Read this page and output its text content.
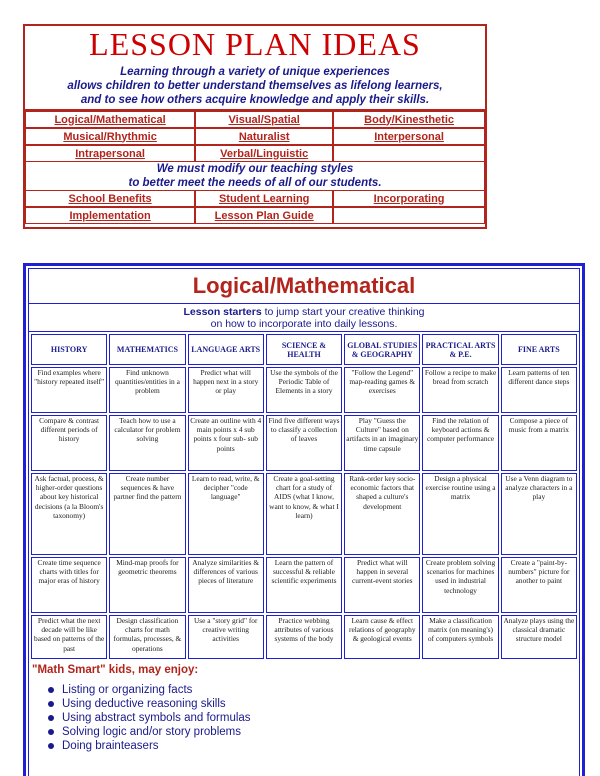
LESSON PLAN IDEAS
Learning through a variety of unique experiences
allows children to better understand themselves as lifelong learners,
and to see how others acquire knowledge and apply their skills.
Logical/Mathematical	Visual/Spatial	Body/Kinesthetic
Musical/Rhythmic	Naturalist	Interpersonal
Intrapersonal	Verbal/Linguistic	
We must modify our teaching styles
to better meet the needs of all of our students.
School Benefits	Student Learning	Incorporating
Implementation	Lesson Plan Guide	
Logical/Mathematical
Lesson starters to jump start your creative thinking
on how to incorporate into daily lessons.
HISTORY	MATHEMATICS	LANGUAGE ARTS	SCIENCE & HEALTH	GLOBAL STUDIES & GEOGRAPHY	PRACTICAL ARTS & P.E.	FINE ARTS
Find examples where "history repeated itself"	Find unknown quantities/entities in a problem	Predict what will happen next in a story or play	Use the symbols of the Periodic Table of Elements in a story	"Follow the Legend" map-reading games & exercises	Follow a recipe to make bread from scratch	Learn patterns of ten different dance steps
Compare & contrast different periods of history	Teach how to use a calculator for problem solving	Create an outline with 4 main points x 4 sub points x four sub- sub points	Find five different ways to classify a collection of leaves	Play "Guess the Culture" based on artifacts in an imaginary time capsule	Find the relation of keyboard actions & computer performance	Compose a piece of music from a matrix
Ask factual, process, & higher-order questions about key historical decisions (a la Bloom's taxonomy)	Create number sequences & have partner find the pattern	Learn to read, write, & decipher "code language"	Create a goal-setting chart for a study of AIDS (what I know, want to know, & what I learn)	Rank-order key socio-economic factors that shaped a culture's development	Design a physical exercise routine using a matrix	Use a Venn diagram to analyze characters in a play
Create time sequence charts with titles for major eras of history	Mind-map proofs for geometric theorems	Analyze similarities & differences of various pieces of literature	Learn the pattern of successful & reliable scientific experiments	Predict what will happen in several current-event stories	Create problem solving scenarios for machines used in industrial technology	Create a "paint-by-numbers" picture for another to paint
Predict what the next decade will be like based on patterns of the past	Design classification charts for math formulas, processes, & operations	Use a "story grid" for creative writing activities	Practice webbing attributes of various systems of the body	Learn cause & effect relations of geography & geological events	Make a classification matrix (on meaning's) of computers symbols	Analyze plays using the classical dramatic structure model
"Math Smart" kids, may enjoy:
Listing or organizing facts
Using deductive reasoning skills
Using abstract symbols and formulas
Solving logic and/or story problems
Doing brainteasers
